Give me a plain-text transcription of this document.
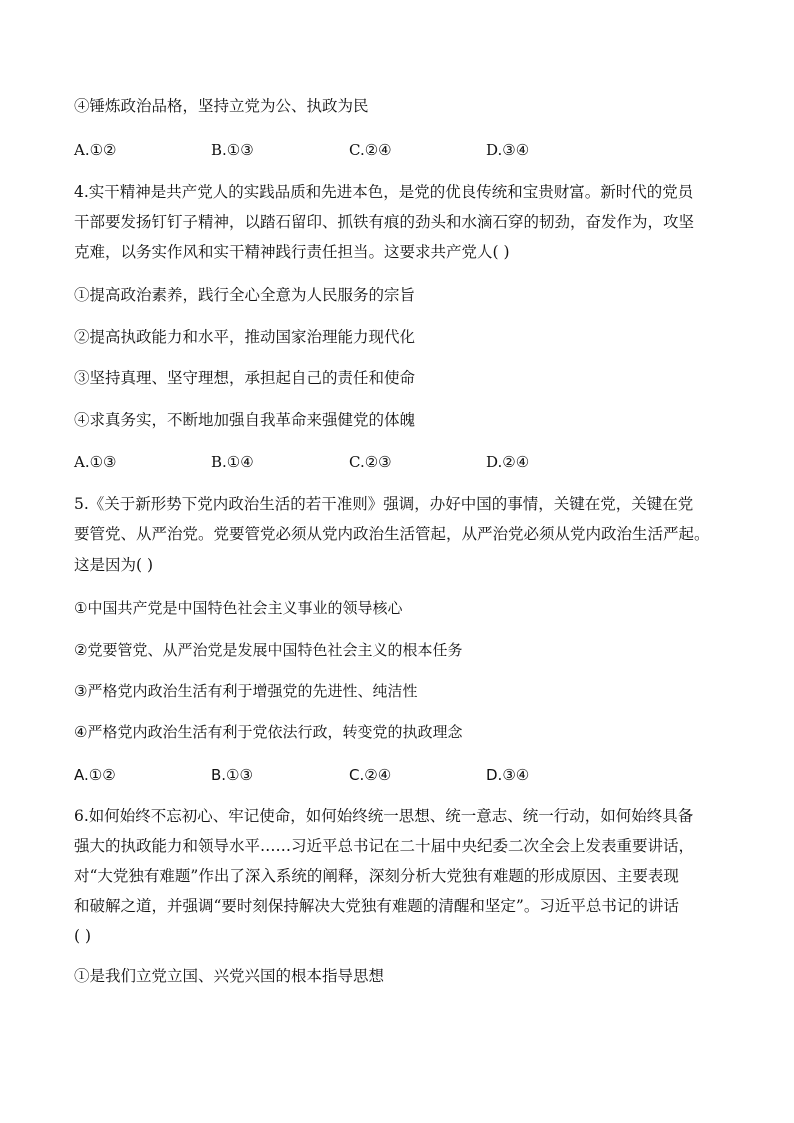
④锤炼政治品格，坚持立党为公、执政为民
A.①②	B.①③	C.②④	D.③④
4.实干精神是共产党人的实践品质和先进本色，是党的优良传统和宝贵财富。新时代的党员
干部要发扬钉钉子精神，以踏石留印、抓铁有痕的劲头和水滴石穿的韧劲，奋发作为，攻坚
克难，以务实作风和实干精神践行责任担当。这要求共产党人( )
①提高政治素养，践行全心全意为人民服务的宗旨
②提高执政能力和水平，推动国家治理能力现代化
③坚持真理、坚守理想，承担起自己的责任和使命
④求真务实，不断地加强自我革命来强健党的体魄
A.①③	B.①④	C.②③	D.②④
5.《关于新形势下党内政治生活的若干准则》强调，办好中国的事情，关键在党，关键在党
要管党、从严治党。党要管党必须从党内政治生活管起，从严治党必须从党内政治生活严起。
这是因为( )
①中国共产党是中国特色社会主义事业的领导核心
②党要管党、从严治党是发展中国特色社会主义的根本任务
③严格党内政治生活有利于增强党的先进性、纯洁性
④严格党内政治生活有利于党依法行政，转变党的执政理念
A.①②	B.①③	C.②④	D.③④
6.如何始终不忘初心、牢记使命，如何始终统一思想、统一意志、统一行动，如何始终具备
强大的执政能力和领导水平……习近平总书记在二十届中央纪委二次全会上发表重要讲话，
对“大党独有难题”作出了深入系统的阐释，深刻分析大党独有难题的形成原因、主要表现
和破解之道，并强调“要时刻保持解决大党独有难题的清醒和坚定”。习近平总书记的讲话
( )
①是我们立党立国、兴党兴国的根本指导思想
